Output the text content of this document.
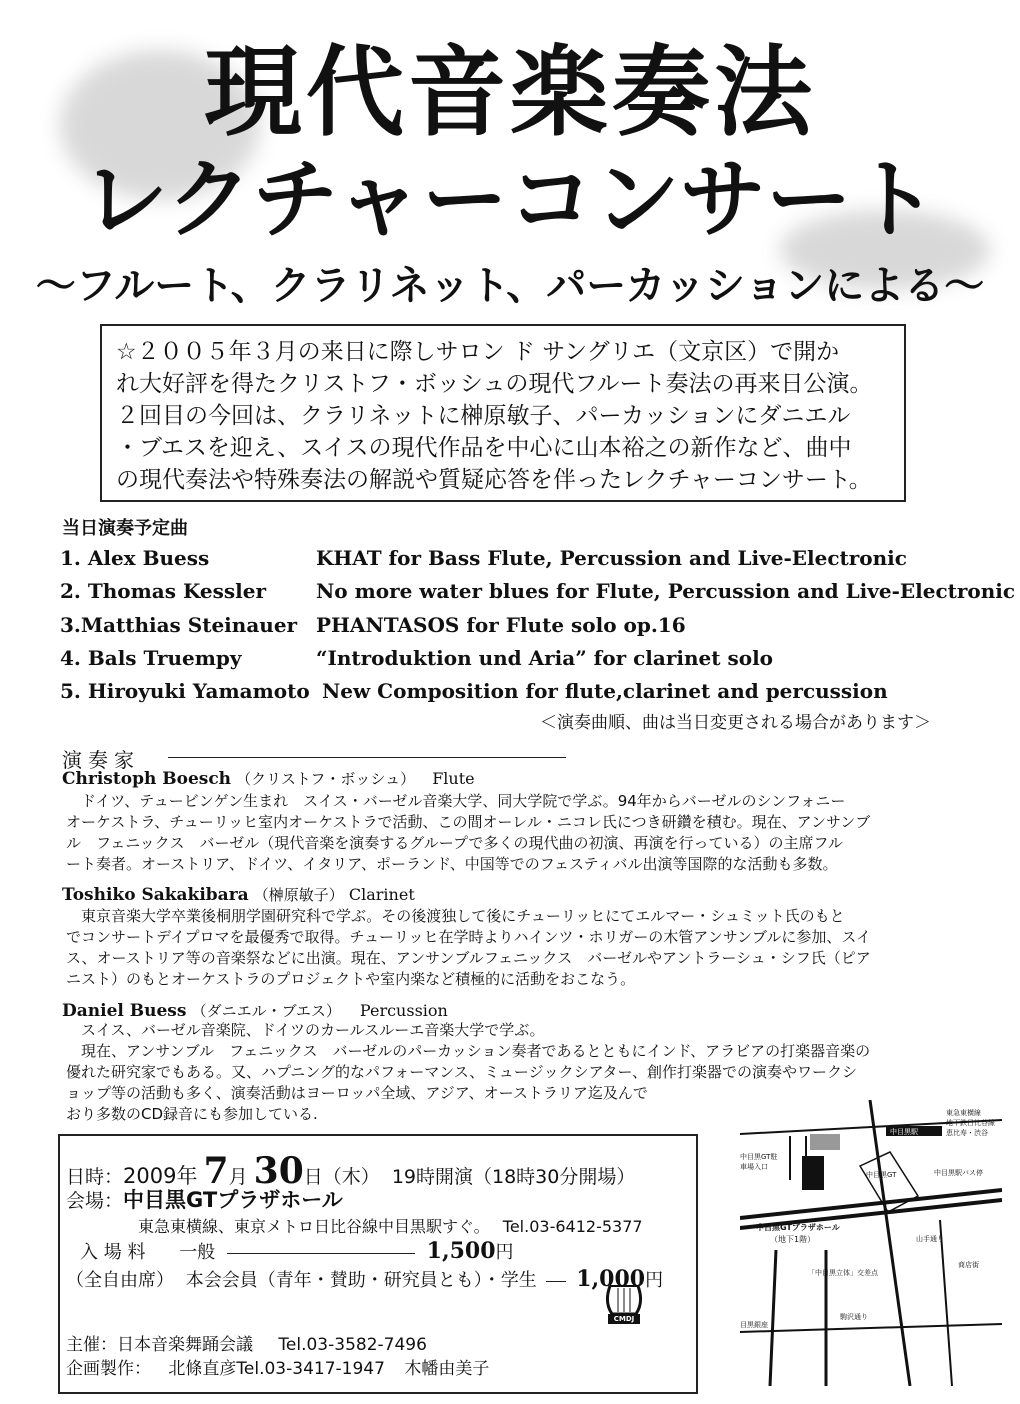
現代音楽奏法
レクチャーコンサート
〜フルート、クラリネット、パーカッションによる〜
☆２００５年３月の来日に際しサロン ド サングリエ（文京区）で開か
れ大好評を得たクリストフ・ボッシュの現代フルート奏法の再来日公演。
２回目の今回は、クラリネットに榊原敏子、パーカッションにダニエル
・ブエスを迎え、スイスの現代作品を中心に山本裕之の新作など、曲中
の現代奏法や特殊奏法の解説や質疑応答を伴ったレクチャーコンサート。
当日演奏予定曲
1. Alex Buess	KHAT for Bass Flute, Percussion and Live-Electronic
2. Thomas Kessler	No more water blues for Flute, Percussion and Live-Electronic
3.Matthias Steinauer PHANTASOS for Flute solo op.16
4. Bals Truempy	“Introduktion und Aria” for clarinet solo
5. Hiroyuki Yamamoto New Composition for flute,clarinet and percussion
＜演奏曲順、曲は当日変更される場合があります＞
演奏家
Christoph Boesch （クリストフ・ボッシュ） Flute
　ドイツ、テュービンゲン生まれ　スイス・バーゼル音楽大学、同大学院で学ぶ。94年からバーゼルのシンフォニー
オーケストラ、チューリッヒ室内オーケストラで活動、この間オーレル・ニコレ氏につき研鑽を積む。現在、アンサンブ
ル　フェニックス　バーゼル（現代音楽を演奏するグループで多くの現代曲の初演、再演を行っている）の主席フル
ート奏者。オーストリア、ドイツ、イタリア、ポーランド、中国等でのフェスティバル出演等国際的な活動も多数。
Toshiko Sakakibara （榊原敏子） Clarinet
　東京音楽大学卒業後桐朋学園研究科で学ぶ。その後渡独して後にチューリッヒにてエルマー・シュミット氏のもと
でコンサートデイプロマを最優秀で取得。チューリッヒ在学時よりハインツ・ホリガーの木管アンサンブルに参加、スイ
ス、オーストリア等の音楽祭などに出演。現在、アンサンブルフェニックス　バーゼルやアントラーシュ・シフ氏（ピア
ニスト）のもとオーケストラのプロジェクトや室内楽など積極的に活動をおこなう。
Daniel Buess （ダニエル・ブエス） Percussion
　スイス、バーゼル音楽院、ドイツのカールスルーエ音楽大学で学ぶ。
　現在、アンサンブル　フェニックス　バーゼルのパーカッション奏者であるとともにインド、アラビアの打楽器音楽の
優れた研究家でもある。又、ハプニング的なパフォーマンス、ミュージックシアター、創作打楽器での演奏やワークシ
ョップ等の活動も多く、演奏活動はヨーロッパ全域、アジア、オーストラリア迄及んで
おり多数のCD録音にも参加している.
日時：2009年 7月 30日（木） 19時開演（18時30分開場）
会場：中目黒GTプラザホール
東急東横線、東京メトロ日比谷線中目黒駅すぐ。 Tel.03-6412-5377
入 場 料 一般	1,500円
（全自由席） 本会会員（青年・賛助・研究員とも）・学生 1,000円
CMDJ
主催：日本音楽舞踊会議 Tel.03-3582-7496
企画製作： 北條直彦Tel.03-3417-1947 木幡由美子
中目黒駅
東急東横線
地下鉄日比谷線
恵比寿・渋谷
中目黒GT駐車場入口
中目黒GT	中目黒駅バス停
中目黒GTプラザホール
（地下1階）	山手通り
「中目黒立体」交差点
商店街
目黒銀座
駒沢通り
